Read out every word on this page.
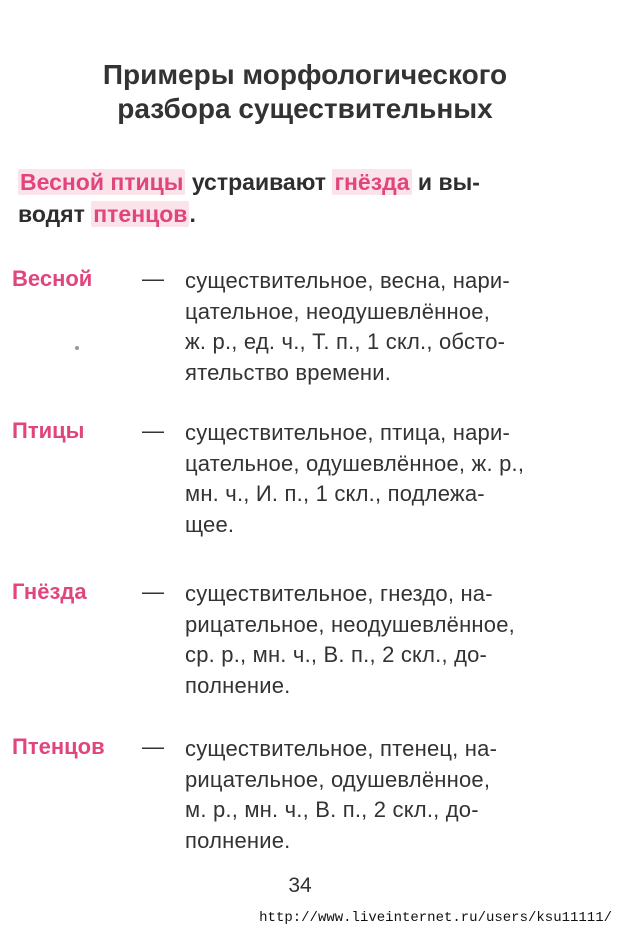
Примеры морфологического
разбора существительных
Весной птицы устраивают гнёзда и вы-
водят птенцов.
Весной — существительное, весна, нари-
цательное, неодушевлённое,
ж. р., ед. ч., Т. п., 1 скл., обсто-
ятельство времени.
Птицы	— существительное, птица, нари-
цательное, одушевлённое, ж. р.,
мн. ч., И. п., 1 скл., подлежа-
щее.
Гнёзда	— существительное, гнездо, на-
рицательное, неодушевлённое,
ср. р., мн. ч., В. п., 2 скл., до-
полнение.
Птенцов — существительное, птенец, на-
рицательное, одушевлённое,
м. р., мн. ч., В. п., 2 скл., до-
полнение.
34
http://www.liveinternet.ru/users/ksu11111/
